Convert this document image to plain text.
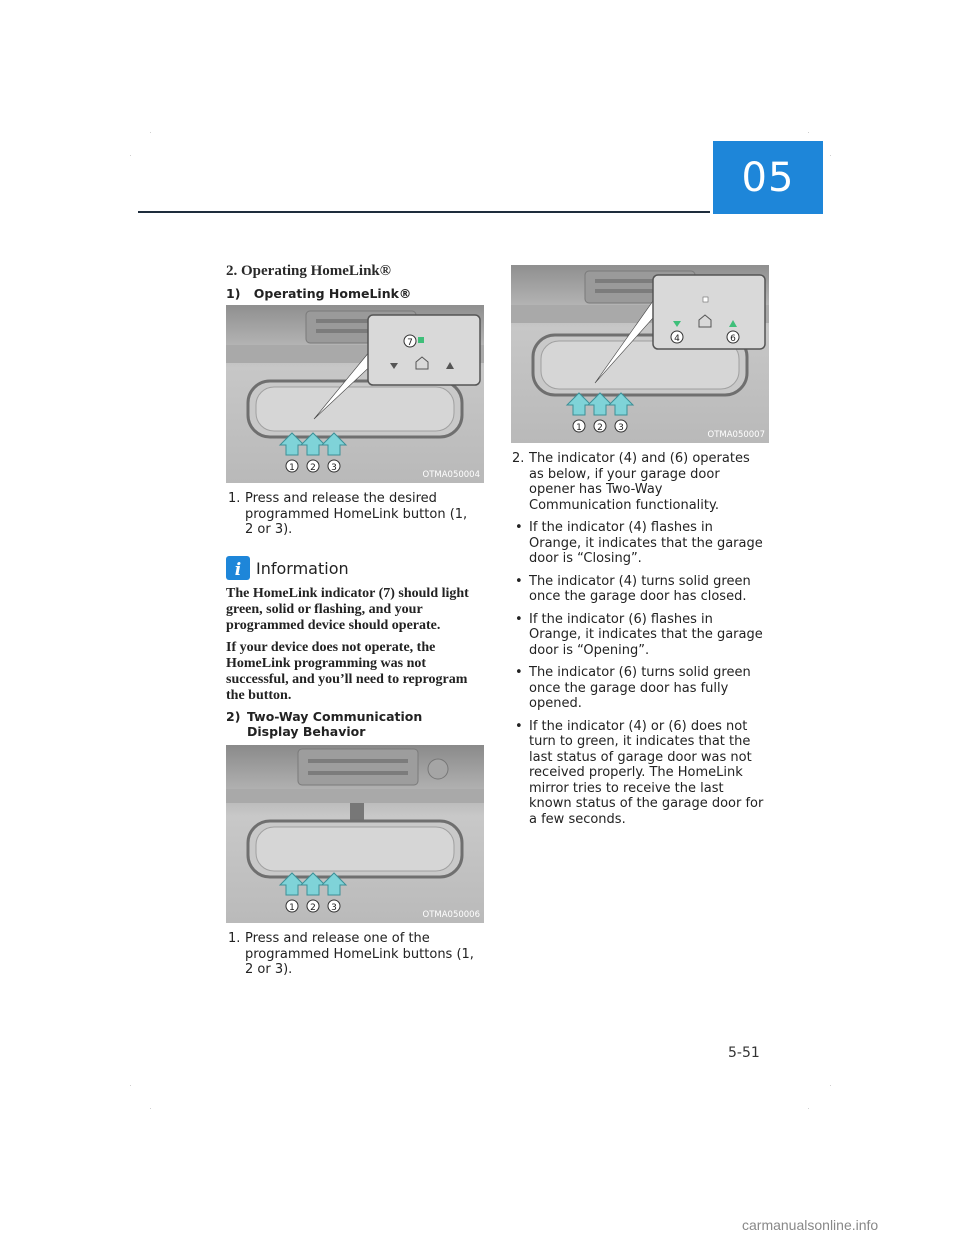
05
2. Operating HomeLink®
1) Operating HomeLink®
7
1 2 3
OTMA050004
1. Press and release the desired programmed HomeLink button (1, 2 or 3).
i Information
The HomeLink indicator (7) should light green, solid or flashing, and your programmed device should operate.
If your device does not operate, the HomeLink programming was not successful, and you’ll need to reprogram the button.
2) Two-Way Communication Display Behavior
1 2 3
OTMA050006
1. Press and release one of the programmed HomeLink buttons (1, 2 or 3).
4	6
1 2 3
OTMA050007
2. The indicator (4) and (6) operates as below, if your garage door opener has Two-Way Communication functionality.
• If the indicator (4) flashes in Orange, it indicates that the garage door is “Closing”.
• The indicator (4) turns solid green once the garage door has closed.
• If the indicator (6) flashes in Orange, it indicates that the garage door is “Opening”.
• The indicator (6) turns solid green once the garage door has fully opened.
• If the indicator (4) or (6) does not turn to green, it indicates that the last status of garage door was not received properly. The HomeLink mirror tries to receive the last known status of the garage door for a few seconds.
5-51
carmanualsonline.info
